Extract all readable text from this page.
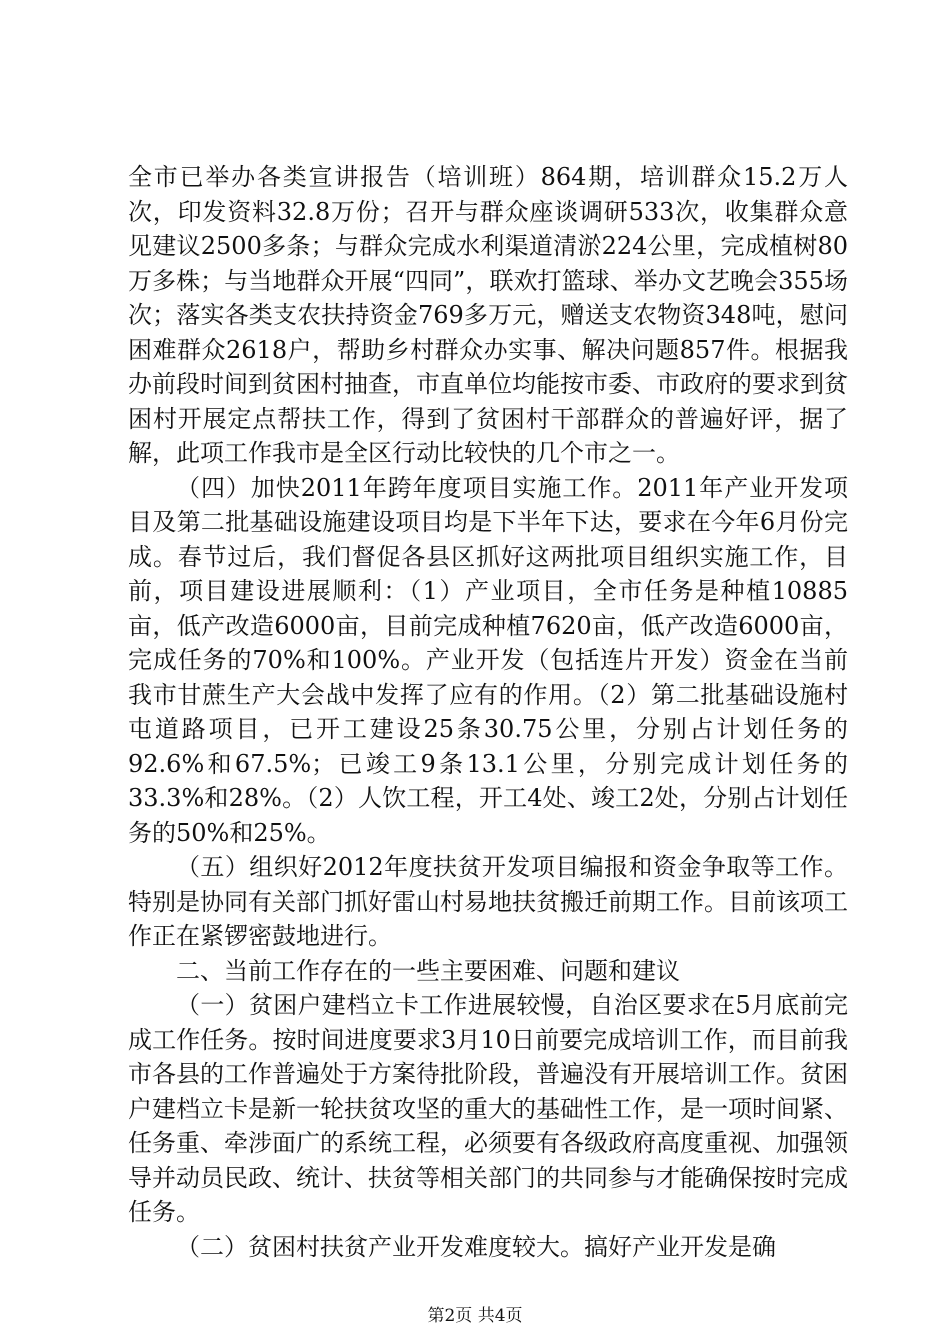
全市已举办各类宣讲报告（培训班）864期，培训群众15.2万人次，印发资料32.8万份；召开与群众座谈调研533次，收集群众意见建议2500多条；与群众完成水利渠道清淤224公里，完成植树80万多株；与当地群众开展“四同”，联欢打篮球、举办文艺晚会355场次；落实各类支农扶持资金769多万元，赠送支农物资348吨，慰问困难群众2618户，帮助乡村群众办实事、解决问题857件。根据我办前段时间到贫困村抽查，市直单位均能按市委、市政府的要求到贫困村开展定点帮扶工作，得到了贫困村干部群众的普遍好评，据了解，此项工作我市是全区行动比较快的几个市之一。

（四）加快2011年跨年度项目实施工作。2011年产业开发项目及第二批基础设施建设项目均是下半年下达，要求在今年6月份完成。春节过后，我们督促各县区抓好这两批项目组织实施工作，目前，项目建设进展顺利：（1）产业项目，全市任务是种植10885亩，低产改造6000亩，目前完成种植7620亩，低产改造6000亩，完成任务的70%和100%。产业开发（包括连片开发）资金在当前我市甘蔗生产大会战中发挥了应有的作用。（2）第二批基础设施村屯道路项目，已开工建设25条30.75公里，分别占计划任务的92.6%和67.5%；已竣工9条13.1公里，分别完成计划任务的33.3%和28%。（2）人饮工程，开工4处、竣工2处，分别占计划任务的50%和25%。

（五）组织好2012年度扶贫开发项目编报和资金争取等工作。特别是协同有关部门抓好雷山村易地扶贫搬迁前期工作。目前该项工作正在紧锣密鼓地进行。

二、当前工作存在的一些主要困难、问题和建议

（一）贫困户建档立卡工作进展较慢，自治区要求在5月底前完成工作任务。按时间进度要求3月10日前要完成培训工作，而目前我市各县的工作普遍处于方案待批阶段，普遍没有开展培训工作。贫困户建档立卡是新一轮扶贫攻坚的重大的基础性工作，是一项时间紧、任务重、牵涉面广的系统工程，必须要有各级政府高度重视、加强领导并动员民政、统计、扶贫等相关部门的共同参与才能确保按时完成任务。

（二）贫困村扶贫产业开发难度较大。搞好产业开发是确

第2页 共4页
